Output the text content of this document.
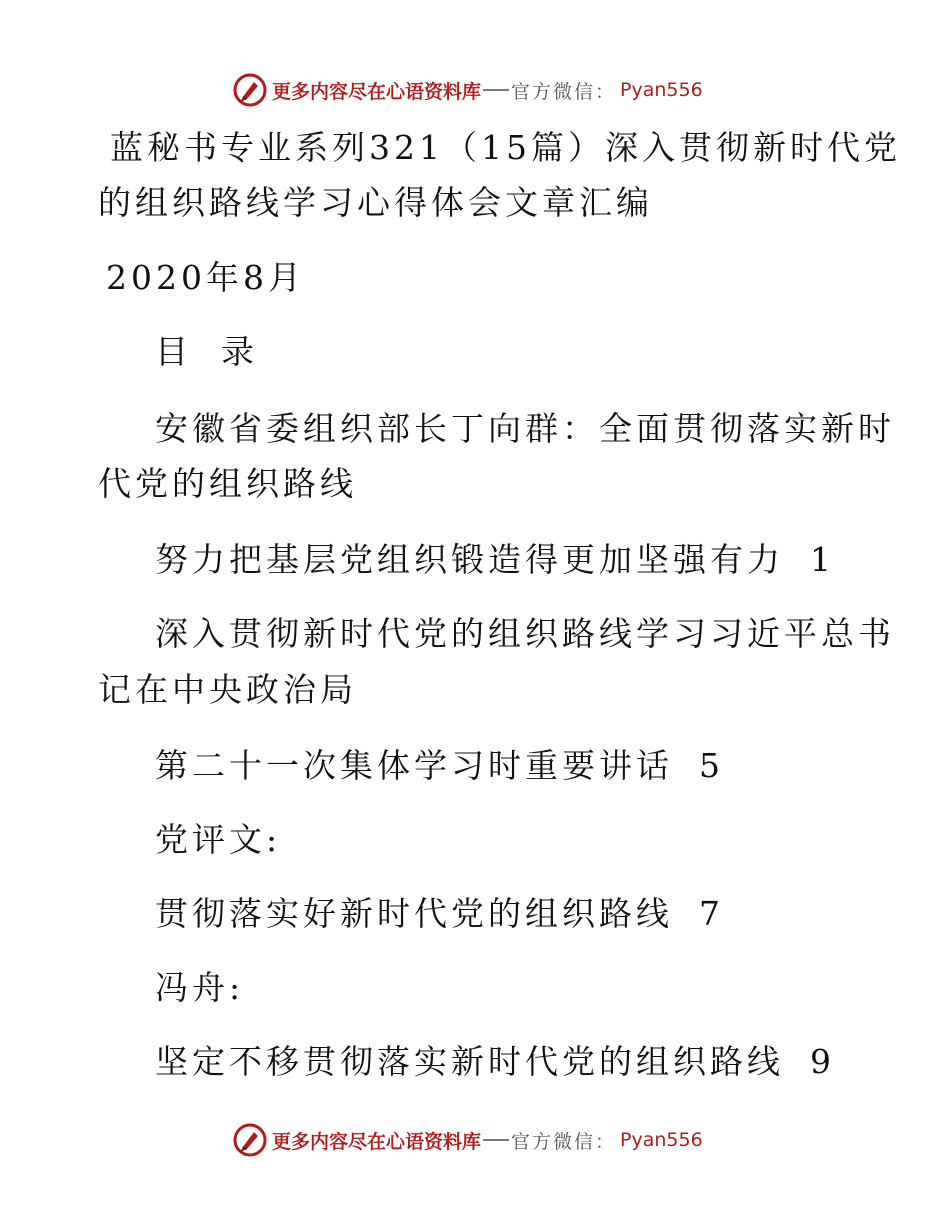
更多内容尽在心语资料库 官方微信： Pyan556
蓝秘书专业系列321（15篇）深入贯彻新时代党
的组织路线学习心得体会文章汇编
2020年8月
目  录
安徽省委组织部长丁向群：全面贯彻落实新时
代党的组织路线
努力把基层党组织锻造得更加坚强有力 1
深入贯彻新时代党的组织路线学习习近平总书
记在中央政治局
第二十一次集体学习时重要讲话 5
党评文:
贯彻落实好新时代党的组织路线 7
冯舟:
坚定不移贯彻落实新时代党的组织路线 9
更多内容尽在心语资料库 官方微信： Pyan556
